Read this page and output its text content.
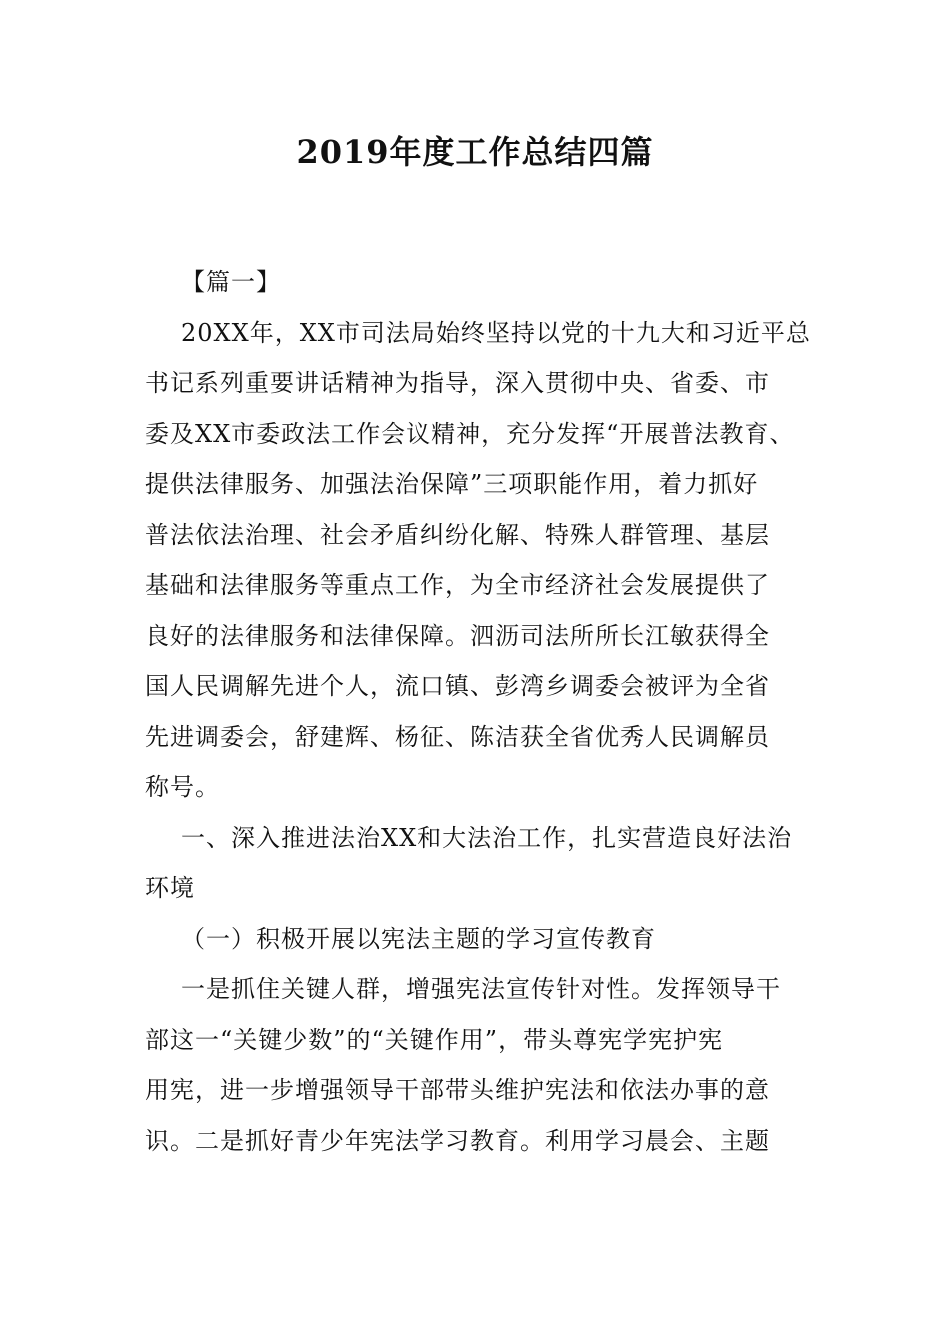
2019年度工作总结四篇
【篇一】
20XX年，XX市司法局始终坚持以党的十九大和习近平总
书记系列重要讲话精神为指导，深入贯彻中央、省委、市
委及XX市委政法工作会议精神，充分发挥“开展普法教育、
提供法律服务、加强法治保障”三项职能作用，着力抓好
普法依法治理、社会矛盾纠纷化解、特殊人群管理、基层
基础和法律服务等重点工作，为全市经济社会发展提供了
良好的法律服务和法律保障。泗沥司法所所长江敏获得全
国人民调解先进个人，流口镇、彭湾乡调委会被评为全省
先进调委会，舒建辉、杨征、陈洁获全省优秀人民调解员
称号。
一、深入推进法治XX和大法治工作，扎实营造良好法治
环境
（一）积极开展以宪法主题的学习宣传教育
一是抓住关键人群，增强宪法宣传针对性。发挥领导干
部这一“关键少数”的“关键作用”，带头尊宪学宪护宪
用宪，进一步增强领导干部带头维护宪法和依法办事的意
识。二是抓好青少年宪法学习教育。利用学习晨会、主题
